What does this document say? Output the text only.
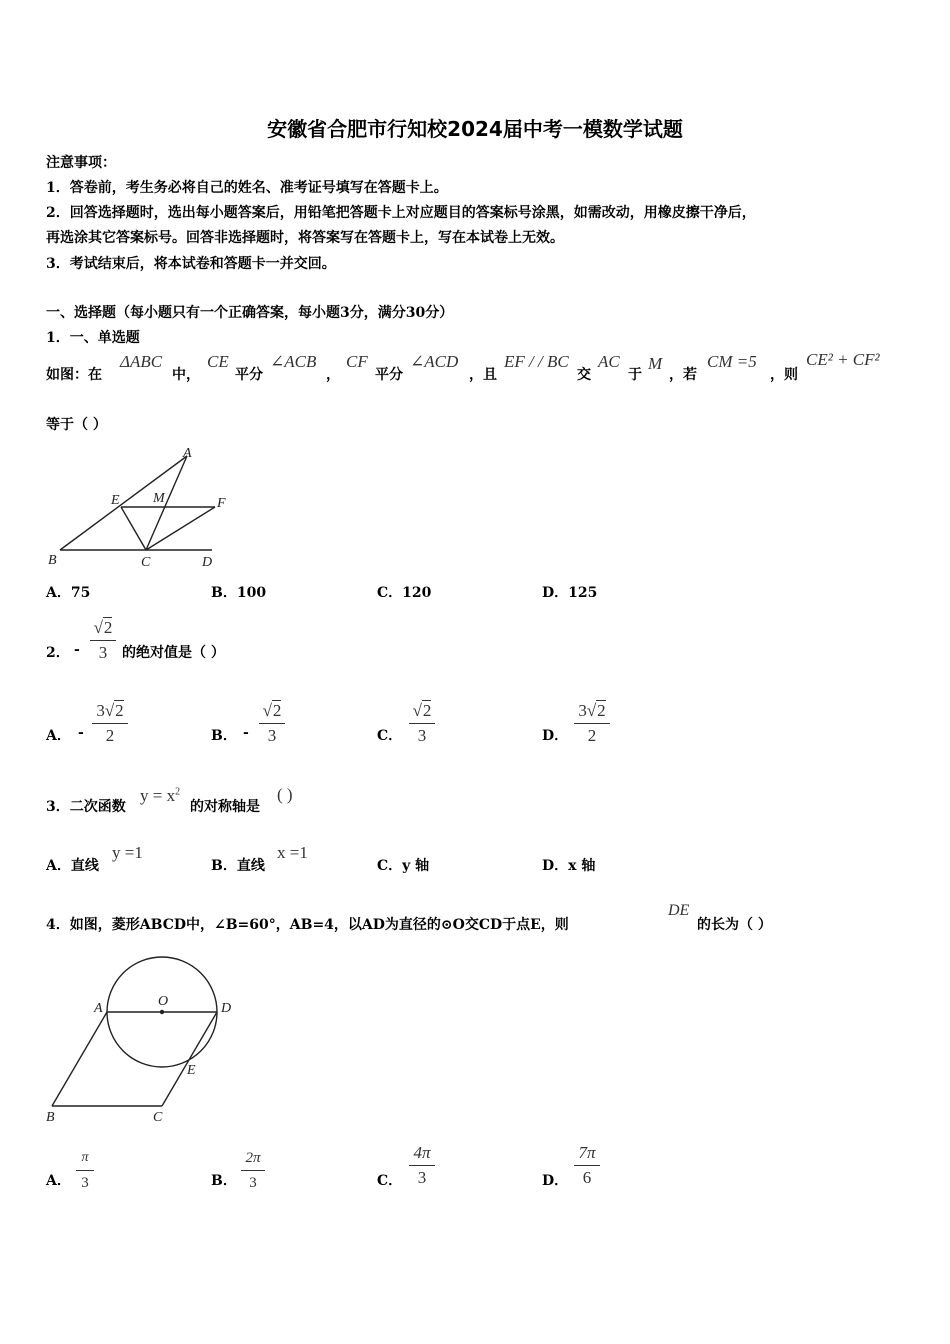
安徽省合肥市行知校2024届中考一模数学试题
注意事项：
1．答卷前，考生务必将自己的姓名、准考证号填写在答题卡上。
2．回答选择题时，选出每小题答案后，用铅笔把答题卡上对应题目的答案标号涂黑，如需改动，用橡皮擦干净后，
再选涂其它答案标号。回答非选择题时，将答案写在答题卡上，写在本试卷上无效。
3．考试结束后，将本试卷和答题卡一并交回。
一、选择题（每小题只有一个正确答案，每小题3分，满分30分）
1．一、单选题
如图：在
ΔABC
中，
CE
平分
∠ACB
，
CF
平分
∠ACD
，且
EF / / BC
交
AC
于
M
，若
CM =5
，则
CE² + CF²
等于（ ）
A
E M	F
B	C	D
A．75	B．100	C．120	D．125
2． -
√2
3	的绝对值是（ ）
A． -
3√2
2	B． -
√2
3	C．
√2
3	D．
3√2
2
3．二次函数
$y = x^2$
的对称轴是
( )
A．直线
y =1
B．直线
x =1
C．y 轴	D．x 轴
4．如图，菱形ABCD中，∠B=60°，AB=4，以AD为直径的⊙O交CD于点E，则
DE
的长为（ ）
O
A	D
E
B	C
A．
π
3	B．
2π
3	C．
4π
3	D．
7π
6
